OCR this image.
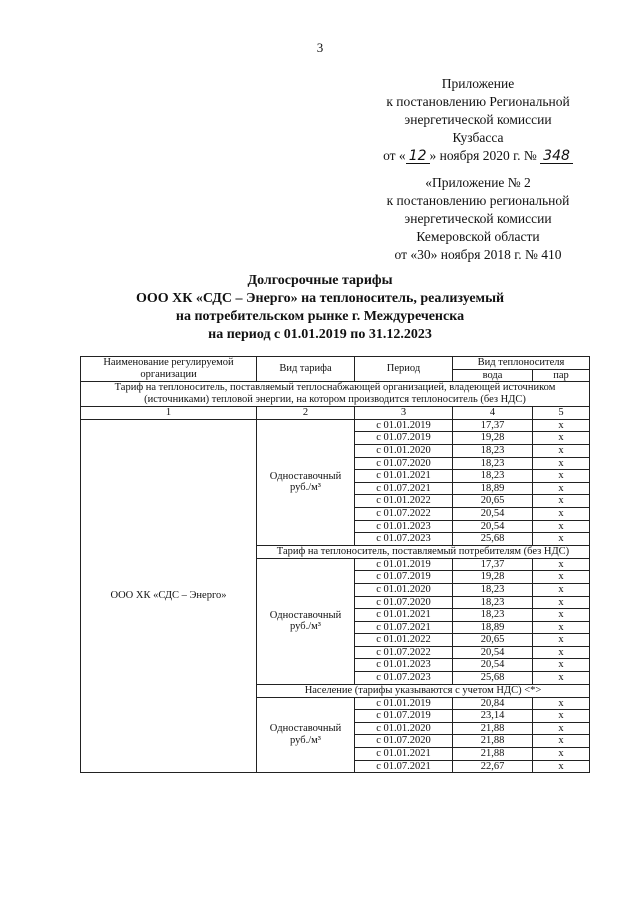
3
Приложение
к постановлению Региональной
энергетической комиссии
Кузбасса
от « 12 » ноября 2020 г. № 348
«Приложение № 2
к постановлению региональной
энергетической комиссии
Кемеровской области
от «30» ноября 2018 г. № 410
Долгосрочные тарифы
ООО ХК «СДС – Энерго» на теплоноситель, реализуемый
на потребительском рынке г. Междуреченска
на период с 01.01.2019 по 31.12.2023
Наименование регулируемой организации	Вид тарифа	Период	Вид теплоносителя	
			вода	пар
Тариф на теплоноситель, поставляемый теплоснабжающей организацией, владеющей источником (источниками) тепловой энергии, на котором производится теплоноситель (без НДС)				
1	2	3	4	5
ООО ХК «СДС – Энерго»	Одноставочный
руб./м³	с 01.01.2019	17,37	х
		с 01.07.2019	19,28	х
		с 01.01.2020	18,23	х
		с 01.07.2020	18,23	х
		с 01.01.2021	18,23	х
		с 01.07.2021	18,89	х
		с 01.01.2022	20,65	х
		с 01.07.2022	20,54	х
		с 01.01.2023	20,54	х
		с 01.07.2023	25,68	х
	Тариф на теплоноситель, поставляемый потребителям (без НДС)			

	Одноставочный
руб./м³	с 01.01.2019	17,37	х
		с 01.07.2019	19,28	х
		с 01.01.2020	18,23	х
		с 01.07.2020	18,23	х
		с 01.01.2021	18,23	х
		с 01.07.2021	18,89	х
		с 01.01.2022	20,65	х
		с 01.07.2022	20,54	х
		с 01.01.2023	20,54	х
		с 01.07.2023	25,68	х
	Население (тарифы указываются с учетом НДС) <*>			

	Одноставочный
руб./м³	с 01.01.2019	20,84	х
		с 01.07.2019	23,14	х
		с 01.01.2020	21,88	х
		с 01.07.2020	21,88	х
		с 01.01.2021	21,88	х
		с 01.07.2021	22,67	х
